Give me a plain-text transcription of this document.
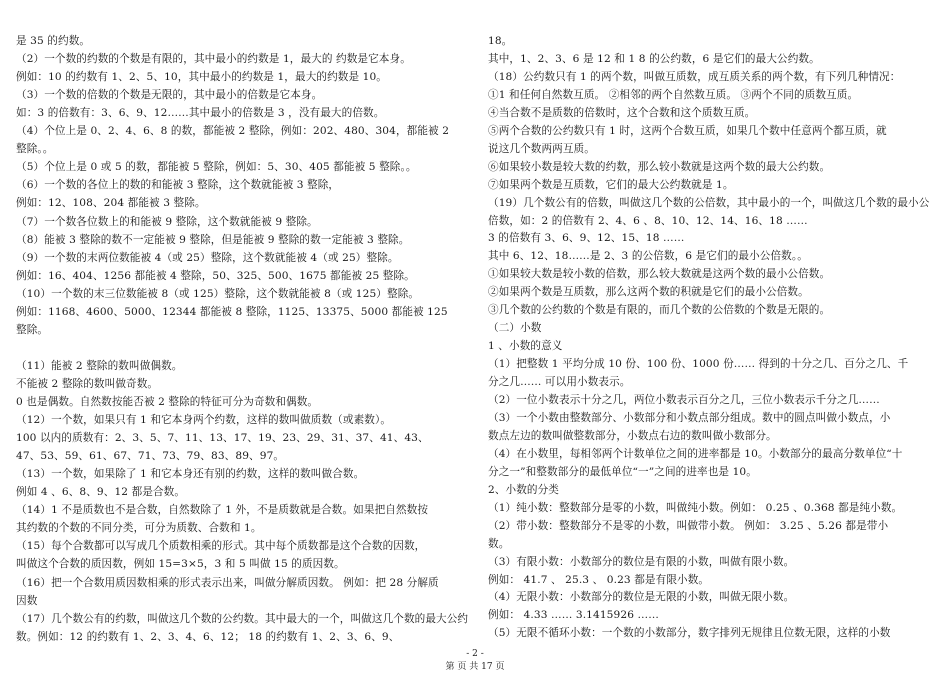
是 35 的约数。
（2）一个数的约数的个数是有限的，其中最小的约数是 1，最大的 约数是它本身。
例如：10 的约数有 1、2、5、10，其中最小的约数是 1，最大的约数是 10。
（3）一个数的倍数的个数是无限的，其中最小的倍数是它本身。
如：3 的倍数有：3、6、9、12……其中最小的倍数是 3 ，没有最大的倍数。
（4）个位上是 0、2、4、6、8 的数，都能被 2 整除，例如：202、480、304，都能被 2
整除。。
（5）个位上是 0 或 5 的数，都能被 5 整除，例如：5、30、405 都能被 5 整除。。
（6）一个数的各位上的数的和能被 3 整除，这个数就能被 3 整除，
例如：12、108、204 都能被 3 整除。
（7）一个数各位数上的和能被 9 整除，这个数就能被 9 整除。
（8）能被 3 整除的数不一定能被 9 整除，但是能被 9 整除的数一定能被 3 整除。
（9）一个数的末两位数能被 4（或 25）整除，这个数就能被 4（或 25）整除。
例如：16、404、1256 都能被 4 整除，50、325、500、1675 都能被 25 整除。
（10）一个数的末三位数能被 8（或 125）整除，这个数就能被 8（或 125）整除。
例如：1168、4600、5000、12344 都能被 8 整除，1125、13375、5000 都能被 125
整除。
（11）能被 2 整除的数叫做偶数。
不能被 2 整除的数叫做奇数。
0 也是偶数。自然数按能否被 2 整除的特征可分为奇数和偶数。
（12）一个数，如果只有 1 和它本身两个约数，这样的数叫做质数（或素数）。
100 以内的质数有：2、3、5、7、11、13、17、19、23、29、31、37、41、43、
47、53、59、61、67、71、73、79、83、89、97。
（13）一个数，如果除了 1 和它本身还有别的约数，这样的数叫做合数。
例如 4 、6、8、9、12 都是合数。
（14）1 不是质数也不是合数，自然数除了 1 外，不是质数就是合数。如果把自然数按
其约数的个数的不同分类，可分为质数、合数和 1。
（15）每个合数都可以写成几个质数相乘的形式。其中每个质数都是这个合数的因数，
叫做这个合数的质因数，例如 15=3×5，3 和 5 叫做 15 的质因数。
（16）把一个合数用质因数相乘的形式表示出来，叫做分解质因数。 例如：把 28 分解质
因数
（17）几个数公有的约数，叫做这几个数的公约数。其中最大的一个，叫做这几个数的最大公约
数。例如：12 的约数有 1、2、3、4、6、12； 18 的约数有 1、2、3、6、9、
18。
其中，1、2、3、6 是 12 和 1 8 的公约数，6 是它们的最大公约数。
（18）公约数只有 1 的两个数，叫做互质数，成互质关系的两个数，有下列几种情况：
①1 和任何自然数互质。 ②相邻的两个自然数互质。 ③两个不同的质数互质。
④当合数不是质数的倍数时，这个合数和这个质数互质。
⑤两个合数的公约数只有 1 时，这两个合数互质，如果几个数中任意两个都互质，就
说这几个数两两互质。
⑥如果较小数是较大数的约数，那么较小数就是这两个数的最大公约数。
⑦如果两个数是互质数，它们的最大公约数就是 1。
（19）几个数公有的倍数，叫做这几个数的公倍数，其中最小的一个，叫做这几个数的最小公
倍数，如：2 的倍数有 2、4、6 、8、10、12、14、16、18 ……
3 的倍数有 3、6、9、12、15、18 ……
其中 6、12、18……是 2、3 的公倍数，6 是它们的最小公倍数。。
①如果较大数是较小数的倍数，那么较大数就是这两个数的最小公倍数。
②如果两个数是互质数，那么这两个数的积就是它们的最小公倍数。
③几个数的公约数的个数是有限的，而几个数的公倍数的个数是无限的。
（二）小数
1 、小数的意义
（1）把整数 1 平均分成 10 份、100 份、1000 份…… 得到的十分之几、百分之几、千
分之几…… 可以用小数表示。
（2）一位小数表示十分之几，两位小数表示百分之几，三位小数表示千分之几……
（3）一个小数由整数部分、小数部分和小数点部分组成。数中的圆点叫做小数点，小
数点左边的数叫做整数部分，小数点右边的数叫做小数部分。
（4）在小数里，每相邻两个计数单位之间的进率都是 10。小数部分的最高分数单位“十
分之一”和整数部分的最低单位“一”之间的进率也是 10。
2、小数的分类
（1）纯小数：整数部分是零的小数，叫做纯小数。例如： 0.25 、0.368 都是纯小数。
（2）带小数：整数部分不是零的小数，叫做带小数。 例如： 3.25 、5.26 都是带小
数。
（3）有限小数：小数部分的数位是有限的小数，叫做有限小数。
例如： 41.7 、 25.3 、 0.23 都是有限小数。
（4）无限小数：小数部分的数位是无限的小数，叫做无限小数。
例如： 4.33 …… 3.1415926 ……
（5）无限不循环小数：一个数的小数部分，数字排列无规律且位数无限，这样的小数
- 2 -
第 页 共 17 页
